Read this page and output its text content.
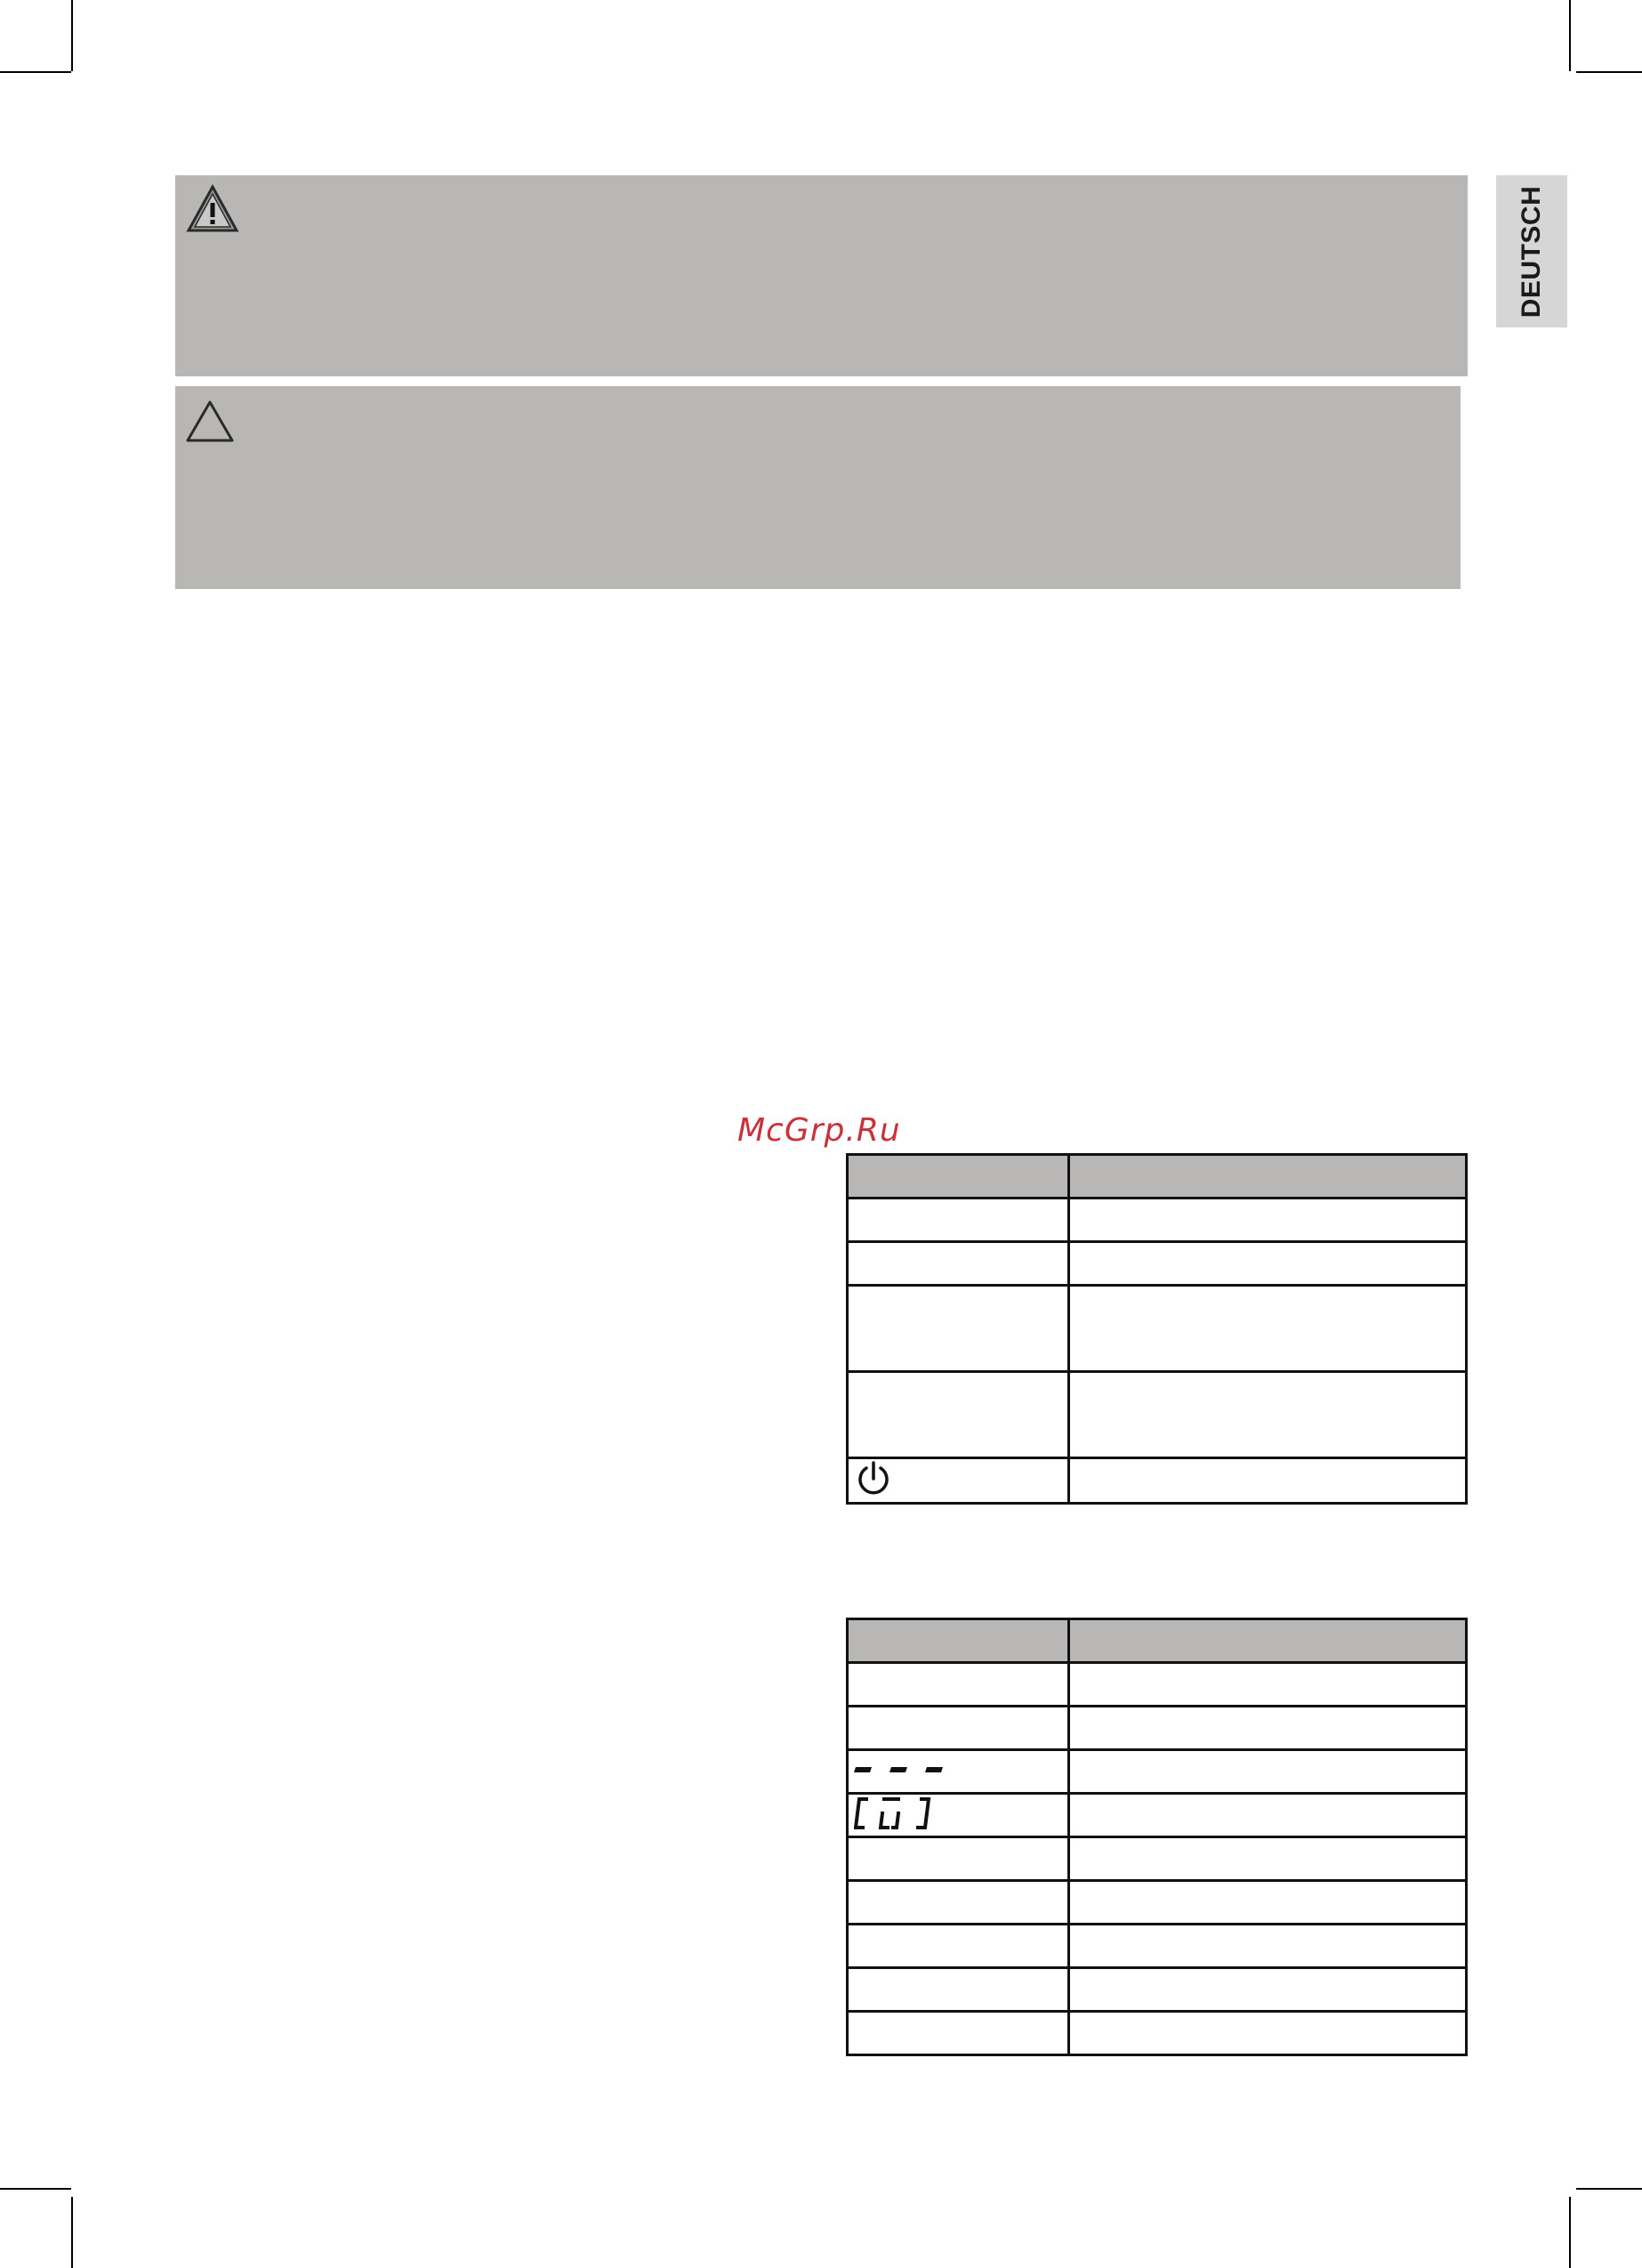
DEUTSCH
McGrp.Ru
